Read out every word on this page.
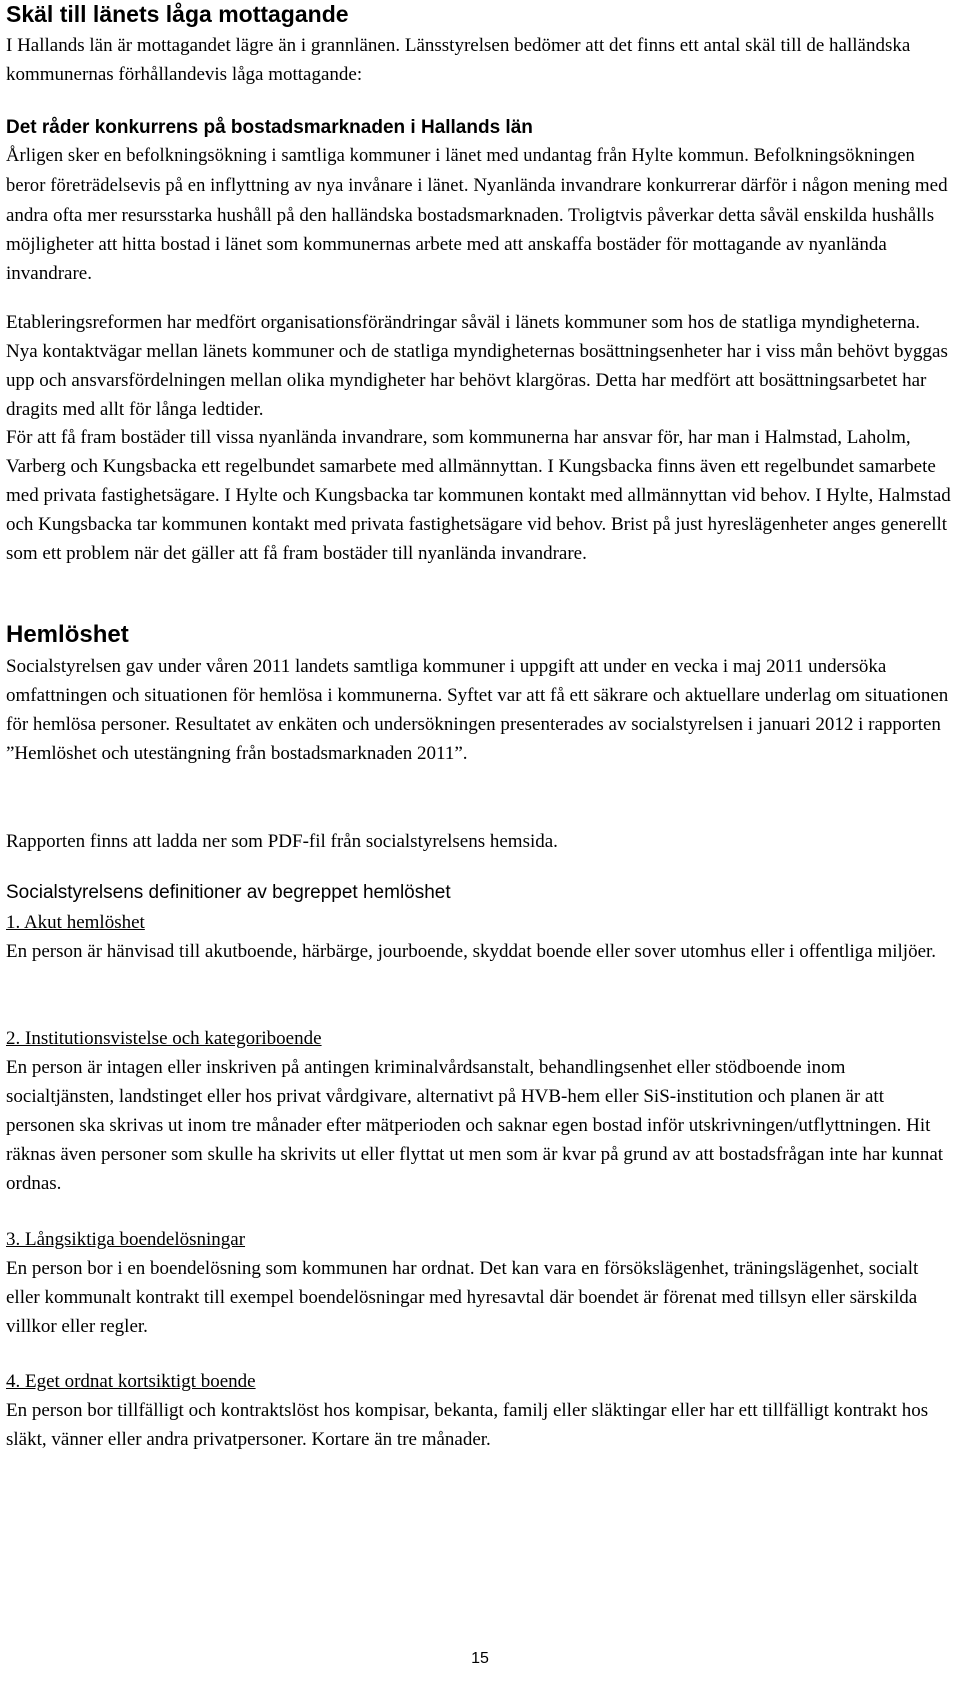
Skäl till länets låga mottagande

I Hallands län är mottagandet lägre än i grannlänen. Länsstyrelsen bedömer att det finns ett antal skäl till de halländska kommunernas förhållandevis låga mottagande:

Det råder konkurrens på bostadsmarknaden i Hallands län

Årligen sker en befolkningsökning i samtliga kommuner i länet med undantag från Hylte kommun. Befolkningsökningen beror företrädelsevis på en inflyttning av nya invånare i länet. Nyanlända invandrare konkurrerar därför i någon mening med andra ofta mer resursstarka hushåll på den halländska bostadsmarknaden. Troligtvis påverkar detta såväl enskilda hushålls möjligheter att hitta bostad i länet som kommunernas arbete med att anskaffa bostäder för mottagande av nyanlända invandrare.

Etableringsreformen har medfört organisationsförändringar såväl i länets kommuner som hos de statliga myndigheterna. Nya kontaktvägar mellan länets kommuner och de statliga myndigheternas bosättningsenheter har i viss mån behövt byggas upp och ansvarsfördelningen mellan olika myndigheter har behövt klargöras. Detta har medfört att bosättningsarbetet har dragits med allt för långa ledtider.

För att få fram bostäder till vissa nyanlända invandrare, som kommunerna har ansvar för, har man i Halmstad, Laholm, Varberg och Kungsbacka ett regelbundet samarbete med allmännyttan. I Kungsbacka finns även ett regelbundet samarbete med privata fastighetsägare. I Hylte och Kungsbacka tar kommunen kontakt med allmännyttan vid behov. I Hylte, Halmstad och Kungsbacka tar kommunen kontakt med privata fastighetsägare vid behov. Brist på just hyreslägenheter anges generellt som ett problem när det gäller att få fram bostäder till nyanlända invandrare.

Hemlöshet

Socialstyrelsen gav under våren 2011 landets samtliga kommuner i uppgift att under en vecka i maj 2011 undersöka omfattningen och situationen för hemlösa i kommunerna. Syftet var att få ett säkrare och aktuellare underlag om situationen för hemlösa personer. Resultatet av enkäten och undersökningen presenterades av socialstyrelsen i januari 2012 i rapporten ”Hemlöshet och utestängning från bostadsmarknaden 2011”.

Rapporten finns att ladda ner som PDF-fil från socialstyrelsens hemsida.

Socialstyrelsens definitioner av begreppet hemlöshet
1. Akut hemlöshet

En person är hänvisad till akutboende, härbärge, jourboende, skyddat boende eller sover utomhus eller i offentliga miljöer.

2. Institutionsvistelse och kategoriboende

En person är intagen eller inskriven på antingen kriminalvårdsanstalt, behandlingsenhet eller stödboende inom socialtjänsten, landstinget eller hos privat vårdgivare, alternativt på HVB-hem eller SiS-institution och planen är att personen ska skrivas ut inom tre månader efter mätperioden och saknar egen bostad inför utskrivningen/utflyttningen. Hit räknas även personer som skulle ha skrivits ut eller flyttat ut men som är kvar på grund av att bostadsfrågan inte har kunnat ordnas.

3. Långsiktiga boendelösningar

En person bor i en boendelösning som kommunen har ordnat. Det kan vara en försökslägenhet, träningslägenhet, socialt eller kommunalt kontrakt till exempel boendelösningar med hyresavtal där boendet är förenat med tillsyn eller särskilda villkor eller regler.

4. Eget ordnat kortsiktigt boende

En person bor tillfälligt och kontraktslöst hos kompisar, bekanta, familj eller släktingar eller har ett tillfälligt kontrakt hos släkt, vänner eller andra privatpersoner. Kortare än tre månader.

15
